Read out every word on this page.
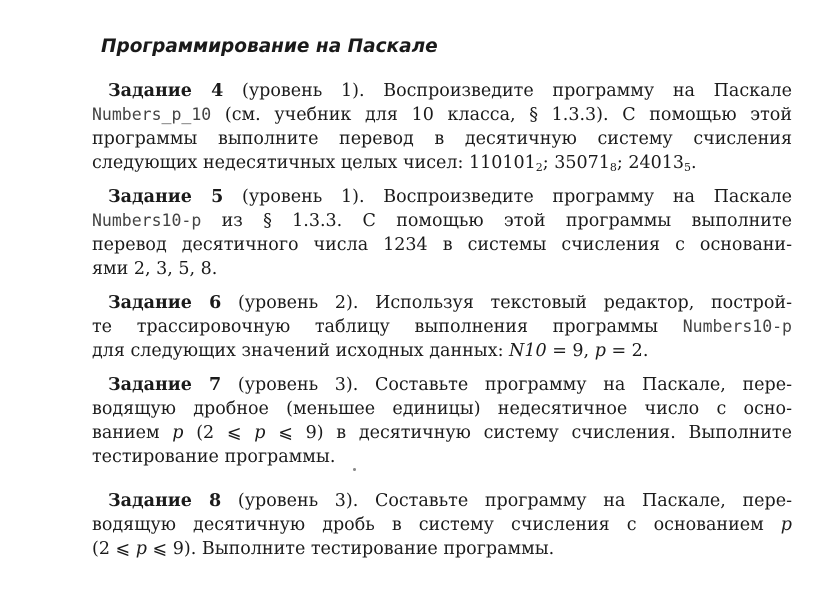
Программирование на Паскале
Задание 4 (уровень 1). Воспроизведите программу на Паскале
Numbers_p_10 (см. учебник для 10 класса, § 1.3.3). С помощью этой
программы выполните перевод в десятичную систему счисления
следующих недесятичных целых чисел: $110101_2$; $35071_8$; $24013_5$.
Задание 5 (уровень 1). Воспроизведите программу на Паскале
Numbers10-p из § 1.3.3. С помощью этой программы выполните
перевод десятичного числа 1234 в системы счисления с основани-
ями 2, 3, 5, 8.
Задание 6 (уровень 2). Используя текстовый редактор, построй-
те трассировочную таблицу выполнения программы Numbers10-p
для следующих значений исходных данных: N10 = 9, p = 2.
Задание 7 (уровень 3). Составьте программу на Паскале, пере-
водящую дробное (меньшее единицы) недесятичное число с осно-
ванием p (2 ⩽ p ⩽ 9) в десятичную систему счисления. Выполните
тестирование программы.
Задание 8 (уровень 3). Составьте программу на Паскале, пере-
водящую десятичную дробь в систему счисления с основанием p
(2 ⩽ p ⩽ 9). Выполните тестирование программы.
